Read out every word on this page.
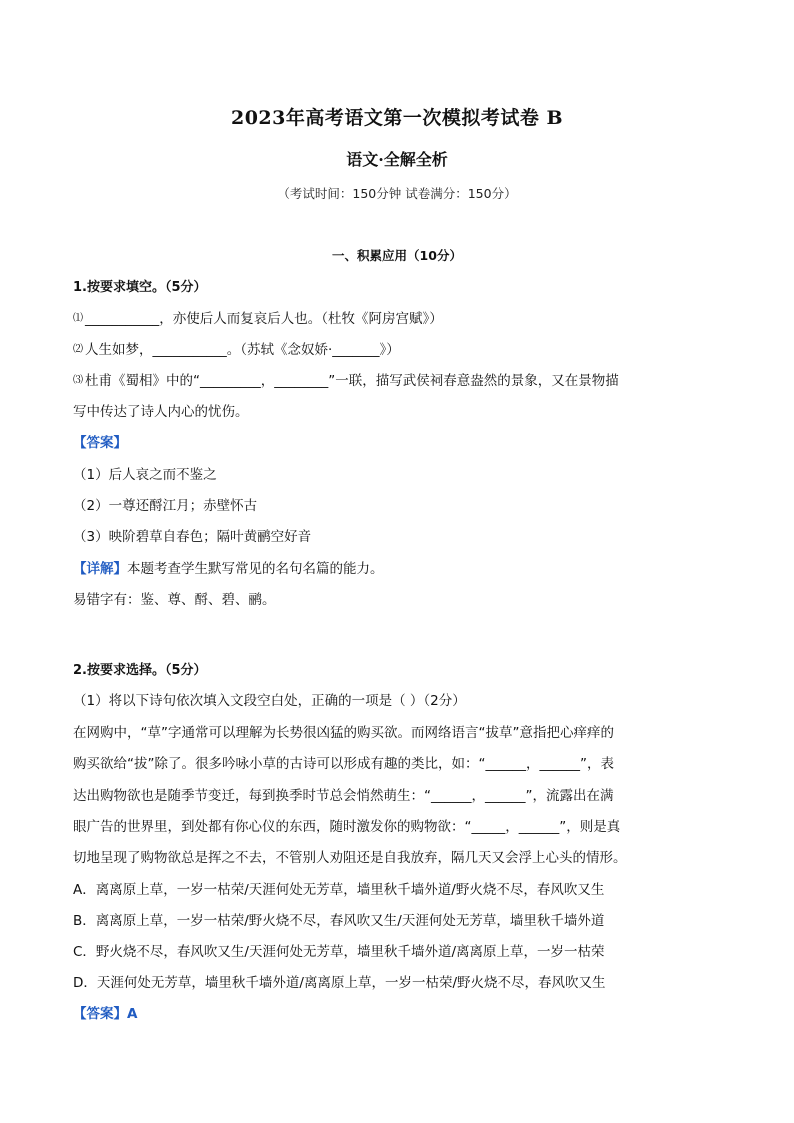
2023年高考语文第一次模拟考试卷 B
语文·全解全析
（考试时间：150分钟 试卷满分：150分）
一、积累应用（10分）
1.按要求填空。（5分）
⑴ ___________，亦使后人而复哀后人也。（杜牧《阿房宫赋》）
⑵ 人生如梦，___________。（苏轼《念奴娇·_______》）
⑶ 杜甫《蜀相》中的“_________，________”一联，描写武侯祠春意盎然的景象，又在景物描
写中传达了诗人内心的忧伤。
【答案】
（1）后人哀之而不鉴之
（2）一尊还酹江月；赤壁怀古
（3）映阶碧草自春色；隔叶黄鹂空好音
【详解】本题考查学生默写常见的名句名篇的能力。
易错字有：鉴、尊、酹、碧、鹂。
2.按要求选择。（5分）
（1）将以下诗句依次填入文段空白处，正确的一项是（ ）（2分）
在网购中，“草”字通常可以理解为长势很凶猛的购买欲。而网络语言“拔草”意指把心痒痒的
购买欲给“拔”除了。很多吟咏小草的古诗可以形成有趣的类比，如：“______，______”，表
达出购物欲也是随季节变迁，每到换季时节总会悄然萌生：“______，______”，流露出在满
眼广告的世界里，到处都有你心仪的东西，随时激发你的购物欲：“_____，______”，则是真
切地呈现了购物欲总是挥之不去，不管别人劝阻还是自我放弃，隔几天又会浮上心头的情形。
A．离离原上草，一岁一枯荣/天涯何处无芳草，墙里秋千墙外道/野火烧不尽，春风吹又生
B．离离原上草，一岁一枯荣/野火烧不尽，春风吹又生/天涯何处无芳草，墙里秋千墙外道
C．野火烧不尽，春风吹又生/天涯何处无芳草，墙里秋千墙外道/离离原上草，一岁一枯荣
D．天涯何处无芳草，墙里秋千墙外道/离离原上草，一岁一枯荣/野火烧不尽，春风吹又生
【答案】A
